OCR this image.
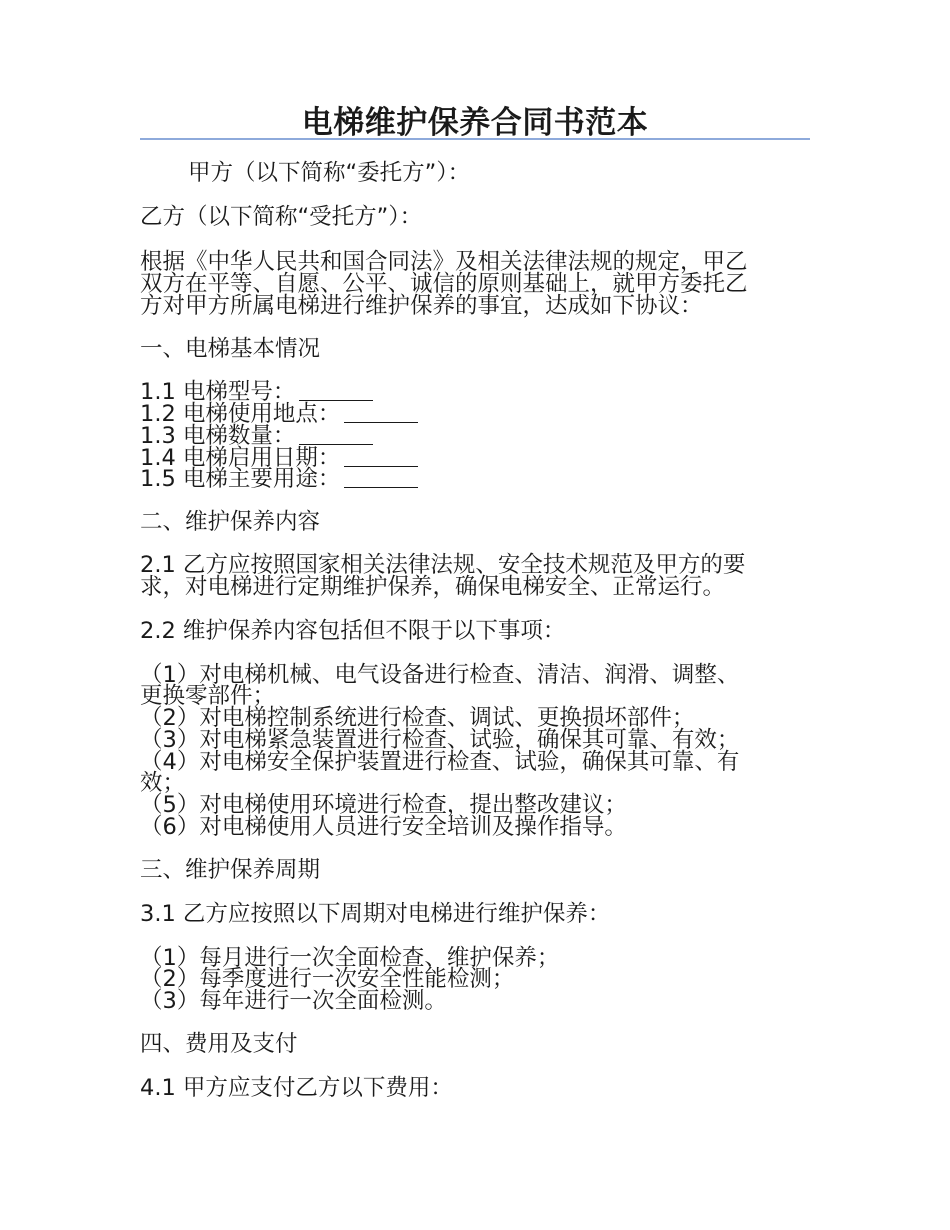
电梯维护保养合同书范本
甲方（以下简称“委托方”）：
乙方（以下简称“受托方”）：
根据《中华人民共和国合同法》及相关法律法规的规定，甲乙
双方在平等、自愿、公平、诚信的原则基础上，就甲方委托乙
方对甲方所属电梯进行维护保养的事宜，达成如下协议：
一、电梯基本情况
1.1 电梯型号：
1.2 电梯使用地点：
1.3 电梯数量：
1.4 电梯启用日期：
1.5 电梯主要用途：
二、维护保养内容
2.1 乙方应按照国家相关法律法规、安全技术规范及甲方的要
求，对电梯进行定期维护保养，确保电梯安全、正常运行。
2.2 维护保养内容包括但不限于以下事项：
（1）对电梯机械、电气设备进行检查、清洁、润滑、调整、
更换零部件；
（2）对电梯控制系统进行检查、调试、更换损坏部件；
（3）对电梯紧急装置进行检查、试验，确保其可靠、有效；
（4）对电梯安全保护装置进行检查、试验，确保其可靠、有
效；
（5）对电梯使用环境进行检查，提出整改建议；
（6）对电梯使用人员进行安全培训及操作指导。
三、维护保养周期
3.1 乙方应按照以下周期对电梯进行维护保养：
（1）每月进行一次全面检查、维护保养；
（2）每季度进行一次安全性能检测；
（3）每年进行一次全面检测。
四、费用及支付
4.1 甲方应支付乙方以下费用：
